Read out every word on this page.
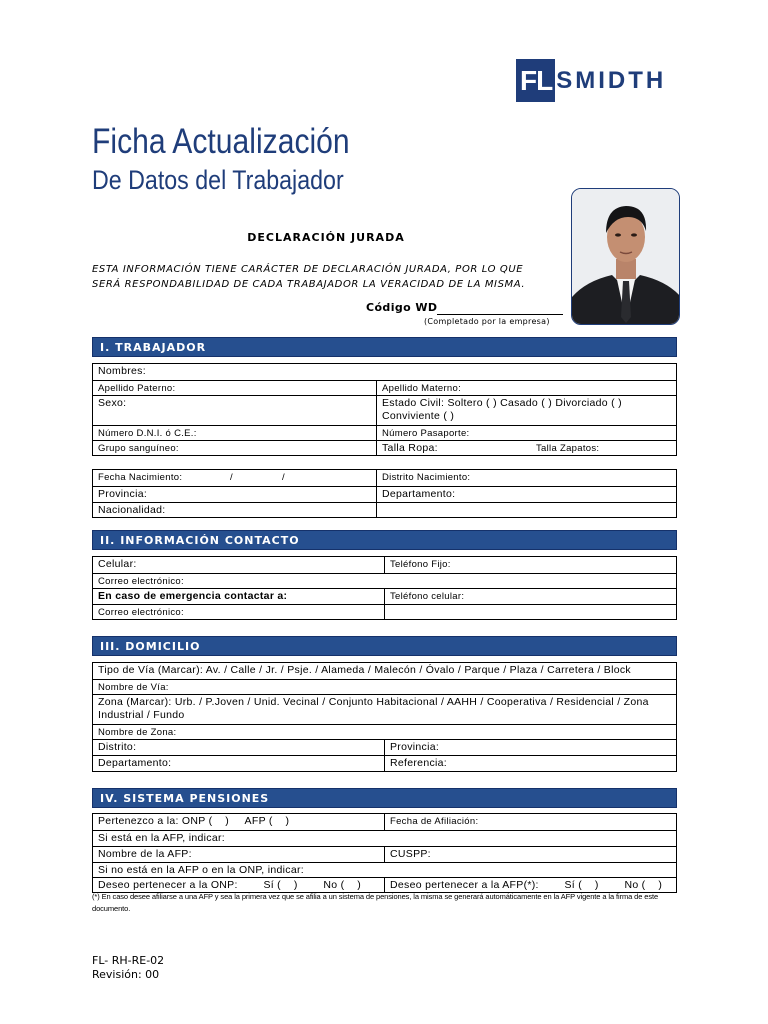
FL SMIDTH
Ficha Actualización
De Datos del Trabajador
DECLARACIÓN JURADA
ESTA INFORMACIÓN TIENE CARÁCTER DE DECLARACIÓN JURADA, POR LO QUE
SERÁ RESPONDABILIDAD DE CADA TRABAJADOR LA VERACIDAD DE LA MISMA.
Código WD
(Completado por la empresa)
I. TRABAJADOR
Nombres:
Apellido Paterno:	Apellido Materno:
Sexo:	Estado Civil: Soltero ( ) Casado ( ) Divorciado ( )
Conviviente ( )
Número D.N.I. ó C.E.:	Número Pasaporte:
Grupo sanguíneo:	Talla Ropa:	Talla Zapatos:
Fecha Nacimiento:	/	/	Distrito Nacimiento:
Provincia:	Departamento:
Nacionalidad:
II. INFORMACIÓN CONTACTO
Celular:	Teléfono Fijo:
Correo electrónico:
En caso de emergencia contactar a:	Teléfono celular:
Correo electrónico:
III. DOMICILIO
Tipo de Vía (Marcar): Av. / Calle / Jr. / Psje. / Alameda / Malecón / Óvalo / Parque / Plaza / Carretera / Block
Nombre de Vía:
Zona (Marcar): Urb. / P.Joven / Unid. Vecinal / Conjunto Habitacional / AAHH / Cooperativa / Residencial / Zona Industrial / Fundo
Nombre de Zona:
Distrito:	Provincia:
Departamento:	Referencia:
IV. SISTEMA PENSIONES
Pertenezco a la: ONP (    )     AFP (    )	Fecha de Afiliación:
Si está en la AFP, indicar:
Nombre de la AFP:	CUSPP:
Si no está en la AFP o en la ONP, indicar:
Deseo pertenecer a la ONP:        Sí (    )        No (    )	Deseo pertenecer a la AFP(*):        Sí (    )        No (    )
(*) En caso desee afiliarse a una AFP y sea la primera vez que se afilia a un sistema de pensiones, la misma se generará automáticamente en la AFP vigente a la firma de este documento.
FL- RH-RE-02
Revisión: 00
